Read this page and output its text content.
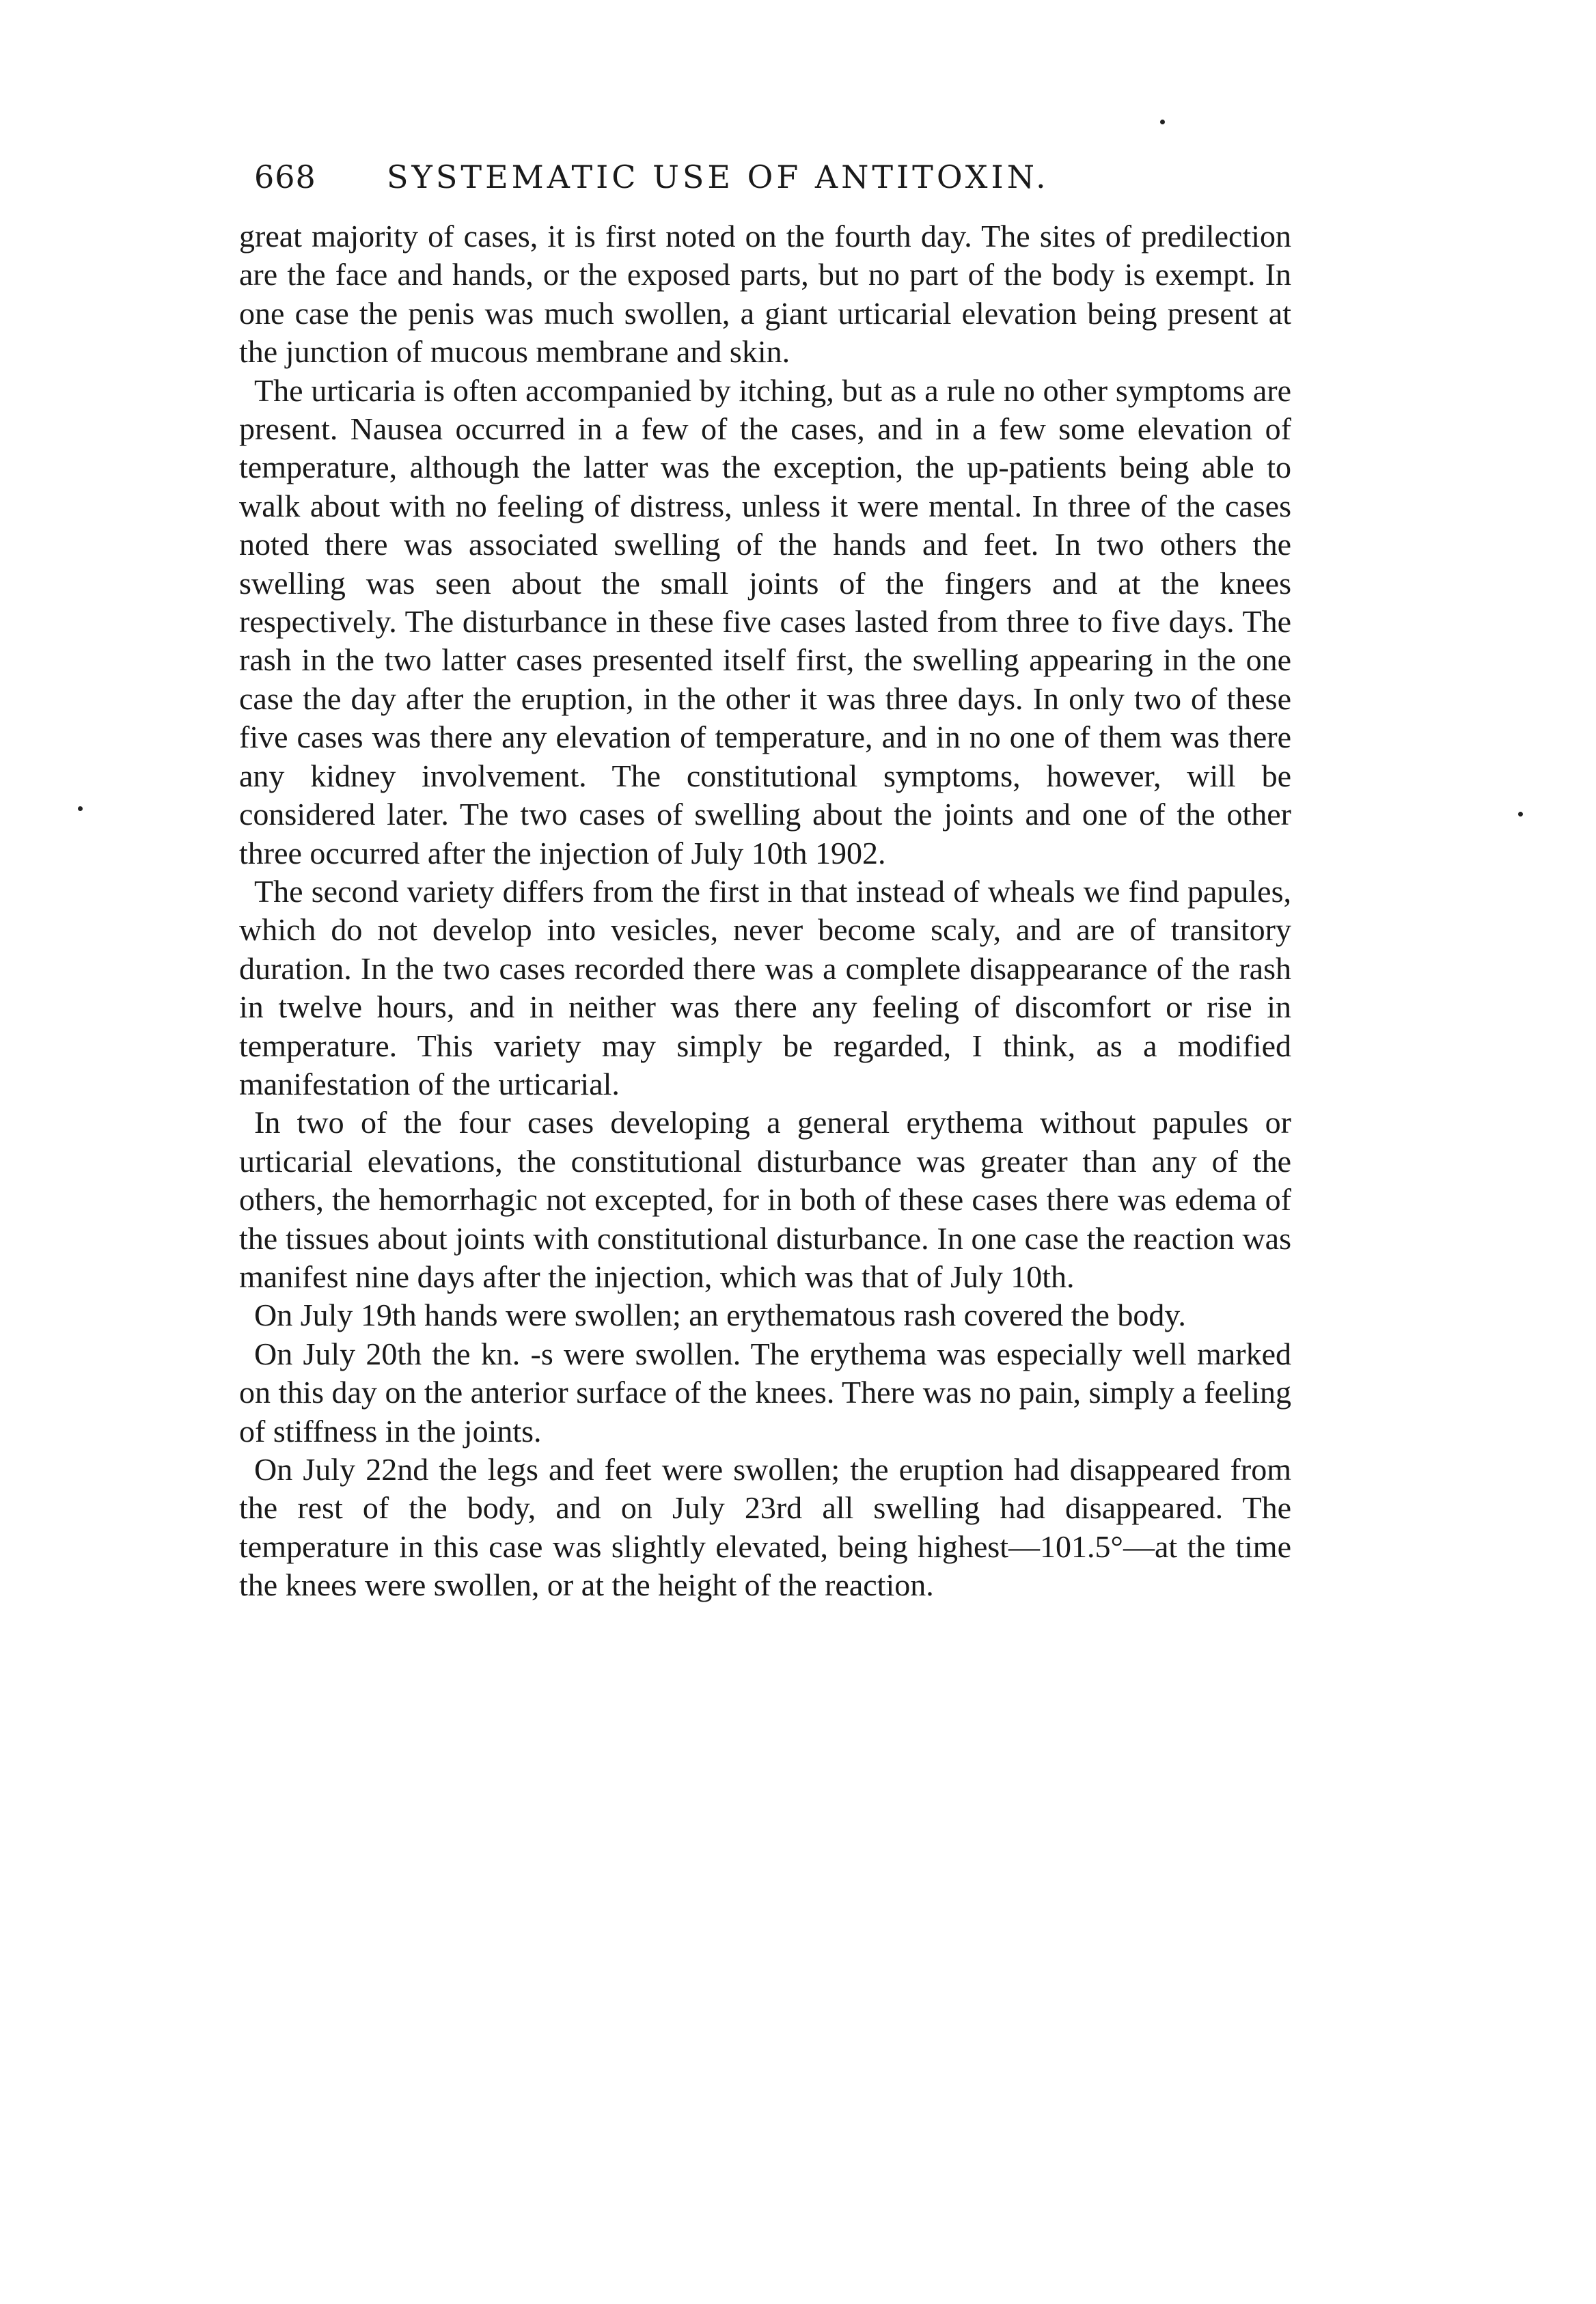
668 SYSTEMATIC USE OF ANTITOXIN.

great majority of cases, it is first noted on the fourth day. The sites of predilection are the face and hands, or the exposed parts, but no part of the body is exempt. In one case the penis was much swollen, a giant urticarial elevation being present at the junction of mucous membrane and skin.

The urticaria is often accompanied by itching, but as a rule no other symptoms are present. Nausea occurred in a few of the cases, and in a few some elevation of temperature, although the latter was the exception, the up-patients being able to walk about with no feeling of distress, unless it were mental. In three of the cases noted there was associated swelling of the hands and feet. In two others the swelling was seen about the small joints of the fingers and at the knees respectively. The disturbance in these five cases lasted from three to five days. The rash in the two latter cases presented itself first, the swelling appearing in the one case the day after the eruption, in the other it was three days. In only two of these five cases was there any elevation of temperature, and in no one of them was there any kidney involvement. The constitutional symptoms, however, will be considered later. The two cases of swelling about the joints and one of the other three occurred after the injection of July 10th 1902.

The second variety differs from the first in that instead of wheals we find papules, which do not develop into vesicles, never become scaly, and are of transitory duration. In the two cases recorded there was a complete disappearance of the rash in twelve hours, and in neither was there any feeling of discomfort or rise in temperature. This variety may simply be regarded, I think, as a modified manifestation of the urticarial.

In two of the four cases developing a general erythema without papules or urticarial elevations, the constitutional disturbance was greater than any of the others, the hemorrhagic not excepted, for in both of these cases there was edema of the tissues about joints with constitutional disturbance. In one case the reaction was manifest nine days after the injection, which was that of July 10th.

On July 19th hands were swollen; an erythematous rash covered the body.

On July 20th the kn. -s were swollen. The erythema was especially well marked on this day on the anterior surface of the knees. There was no pain, simply a feeling of stiffness in the joints.

On July 22nd the legs and feet were swollen; the eruption had disappeared from the rest of the body, and on July 23rd all swelling had disappeared. The temperature in this case was slightly elevated, being highest—101.5°—at the time the knees were swollen, or at the height of the reaction.
